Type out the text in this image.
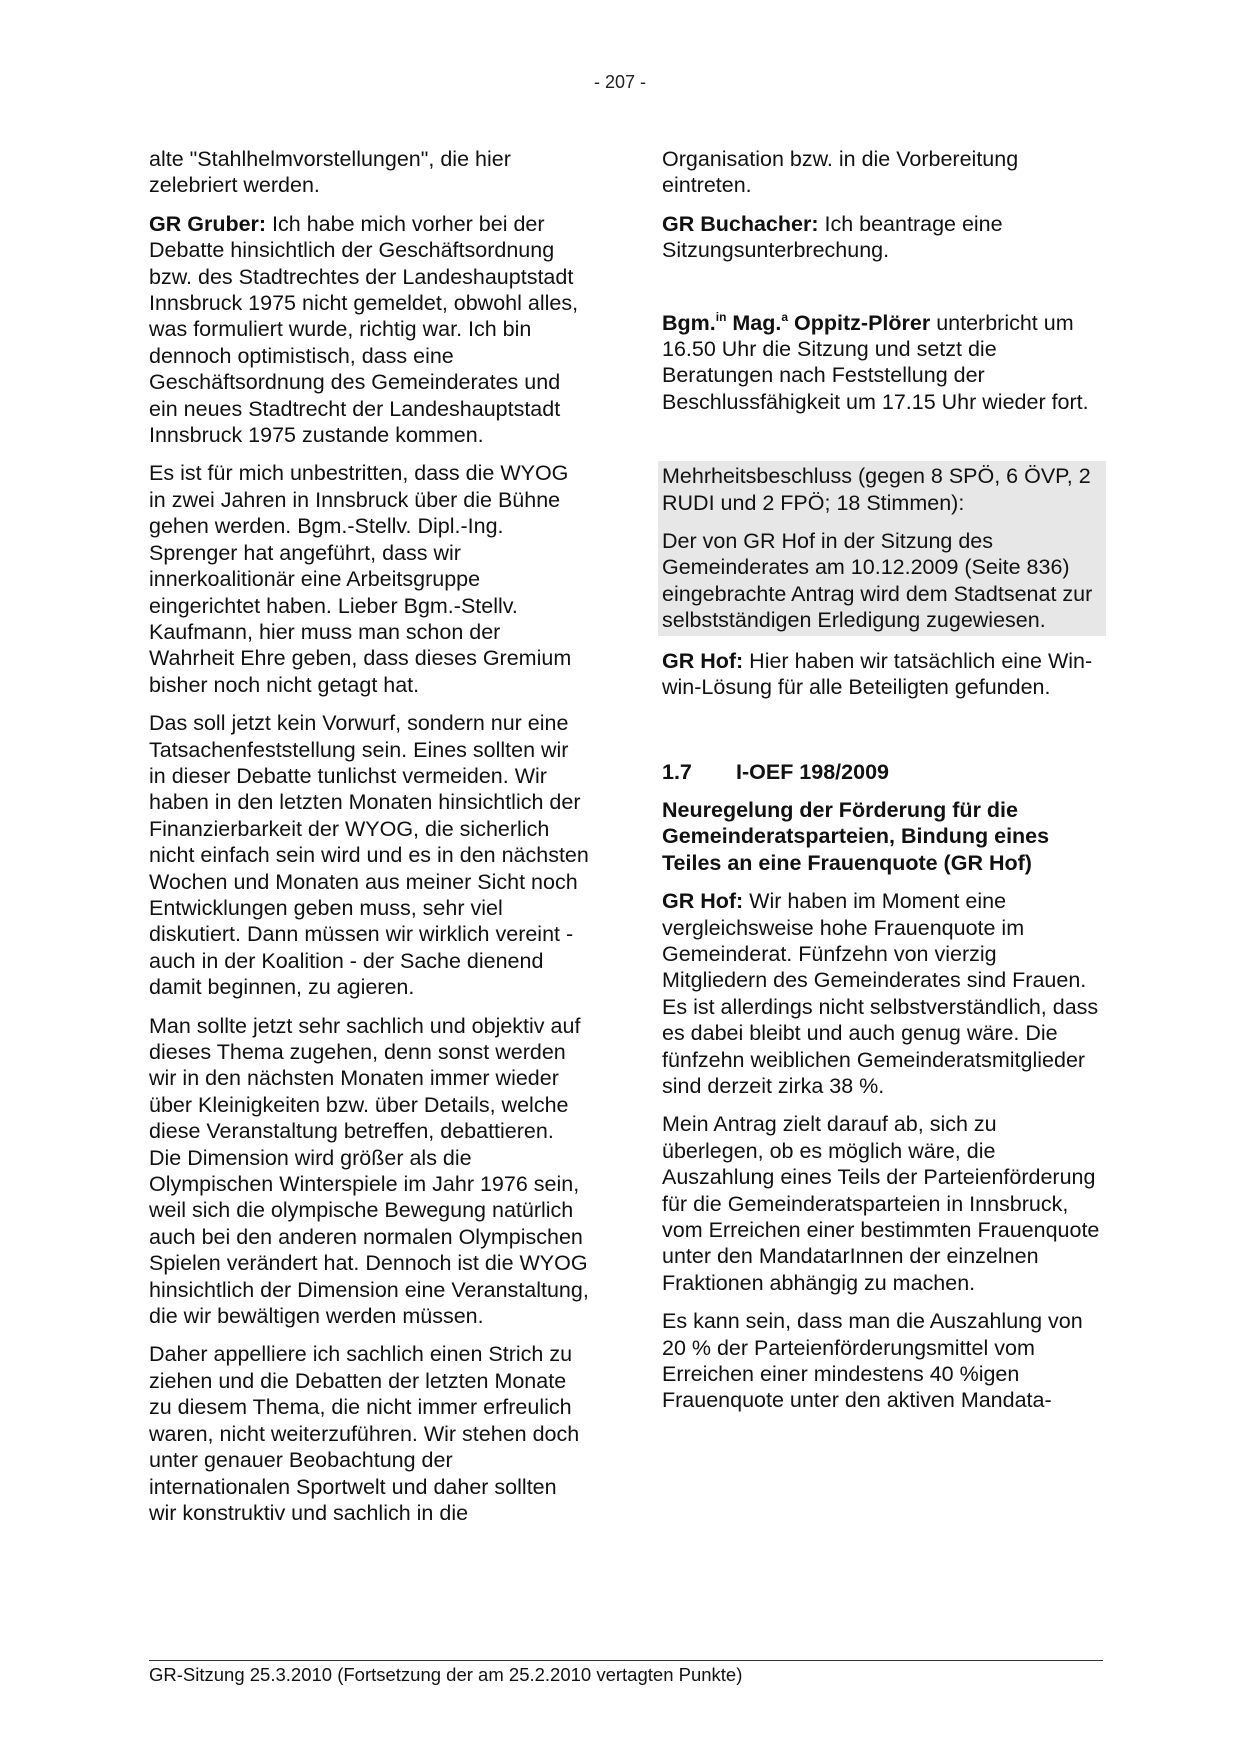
- 207 -

alte "Stahlhelmvorstellungen", die hier zelebriert werden.

GR Gruber: Ich habe mich vorher bei der Debatte hinsichtlich der Geschäftsordnung bzw. des Stadtrechtes der Landeshauptstadt Innsbruck 1975 nicht gemeldet, obwohl alles, was formuliert wurde, richtig war. Ich bin dennoch optimistisch, dass eine Geschäftsordnung des Gemeinderates und ein neues Stadtrecht der Landeshauptstadt Innsbruck 1975 zustande kommen.

Es ist für mich unbestritten, dass die WYOG in zwei Jahren in Innsbruck über die Bühne gehen werden. Bgm.-Stellv. Dipl.-Ing. Sprenger hat angeführt, dass wir innerkoalitionär eine Arbeitsgruppe eingerichtet haben. Lieber Bgm.-Stellv. Kaufmann, hier muss man schon der Wahrheit Ehre geben, dass dieses Gremium bisher noch nicht getagt hat.

Das soll jetzt kein Vorwurf, sondern nur eine Tatsachenfeststellung sein. Eines sollten wir in dieser Debatte tunlichst vermeiden. Wir haben in den letzten Monaten hinsichtlich der Finanzierbarkeit der WYOG, die sicherlich nicht einfach sein wird und es in den nächsten Wochen und Monaten aus meiner Sicht noch Entwicklungen geben muss, sehr viel diskutiert. Dann müssen wir wirklich vereint - auch in der Koalition - der Sache dienend damit beginnen, zu agieren.

Man sollte jetzt sehr sachlich und objektiv auf dieses Thema zugehen, denn sonst werden wir in den nächsten Monaten immer wieder über Kleinigkeiten bzw. über Details, welche diese Veranstaltung betreffen, debattieren. Die Dimension wird größer als die Olympischen Winterspiele im Jahr 1976 sein, weil sich die olympische Bewegung natürlich auch bei den anderen normalen Olympischen Spielen verändert hat. Dennoch ist die WYOG hinsichtlich der Dimension eine Veranstaltung, die wir bewältigen werden müssen.

Daher appelliere ich sachlich einen Strich zu ziehen und die Debatten der letzten Monate zu diesem Thema, die nicht immer erfreulich waren, nicht weiterzuführen. Wir stehen doch unter genauer Beobachtung der internationalen Sportwelt und daher sollten wir konstruktiv und sachlich in die

Organisation bzw. in die Vorbereitung eintreten.

GR Buchacher: Ich beantrage eine Sitzungsunterbrechung.

Bgm.$^{in}$ Mag.$^a$ Oppitz-Plörer unterbricht um 16.50 Uhr die Sitzung und setzt die Beratungen nach Feststellung der Beschlussfähigkeit um 17.15 Uhr wieder fort.

Mehrheitsbeschluss (gegen 8 SPÖ, 6 ÖVP, 2 RUDI und 2 FPÖ; 18 Stimmen):

Der von GR Hof in der Sitzung des Gemeinderates am 10.12.2009 (Seite 836) eingebrachte Antrag wird dem Stadtsenat zur selbstständigen Erledigung zugewiesen.

GR Hof: Hier haben wir tatsächlich eine Win-win-Lösung für alle Beteiligten gefunden.

1.7	I-OEF 198/2009

Neuregelung der Förderung für die Gemeinderatsparteien, Bindung eines Teiles an eine Frauenquote (GR Hof)

GR Hof: Wir haben im Moment eine vergleichsweise hohe Frauenquote im Gemeinderat. Fünfzehn von vierzig Mitgliedern des Gemeinderates sind Frauen. Es ist allerdings nicht selbstverständlich, dass es dabei bleibt und auch genug wäre. Die fünfzehn weiblichen Gemeinderatsmitglieder sind derzeit zirka 38 %.

Mein Antrag zielt darauf ab, sich zu überlegen, ob es möglich wäre, die Auszahlung eines Teils der Parteienförderung für die Gemeinderatsparteien in Innsbruck, vom Erreichen einer bestimmten Frauenquote unter den MandatarInnen der einzelnen Fraktionen abhängig zu machen.

Es kann sein, dass man die Auszahlung von 20 % der Parteienförderungsmittel vom Erreichen einer mindestens 40 %igen Frauenquote unter den aktiven Mandata-

GR-Sitzung 25.3.2010 (Fortsetzung der am 25.2.2010 vertagten Punkte)
